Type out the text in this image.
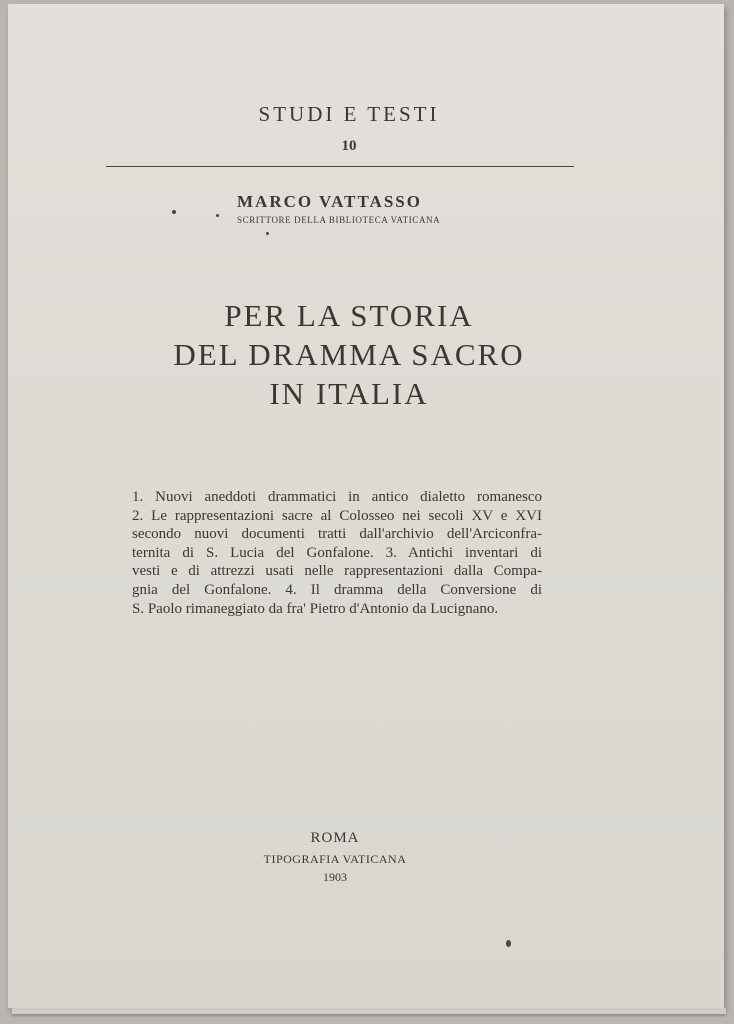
STUDI E TESTI
10
MARCO VATTASSO
SCRITTORE DELLA BIBLIOTECA VATICANA
PER LA STORIA
DEL DRAMMA SACRO
IN ITALIA
1. Nuovi aneddoti drammatici in antico dialetto romanesco
2. Le rappresentazioni sacre al Colosseo nei secoli XV e XVI
secondo nuovi documenti tratti dall'archivio dell'Arciconfra-
ternita di S. Lucia del Gonfalone. 3. Antichi inventari di
vesti e di attrezzi usati nelle rappresentazioni dalla Compa-
gnia del Gonfalone. 4. Il dramma della Conversione di
S. Paolo rimaneggiato da fra' Pietro d'Antonio da Lucignano.
ROMA
TIPOGRAFIA VATICANA
1903
